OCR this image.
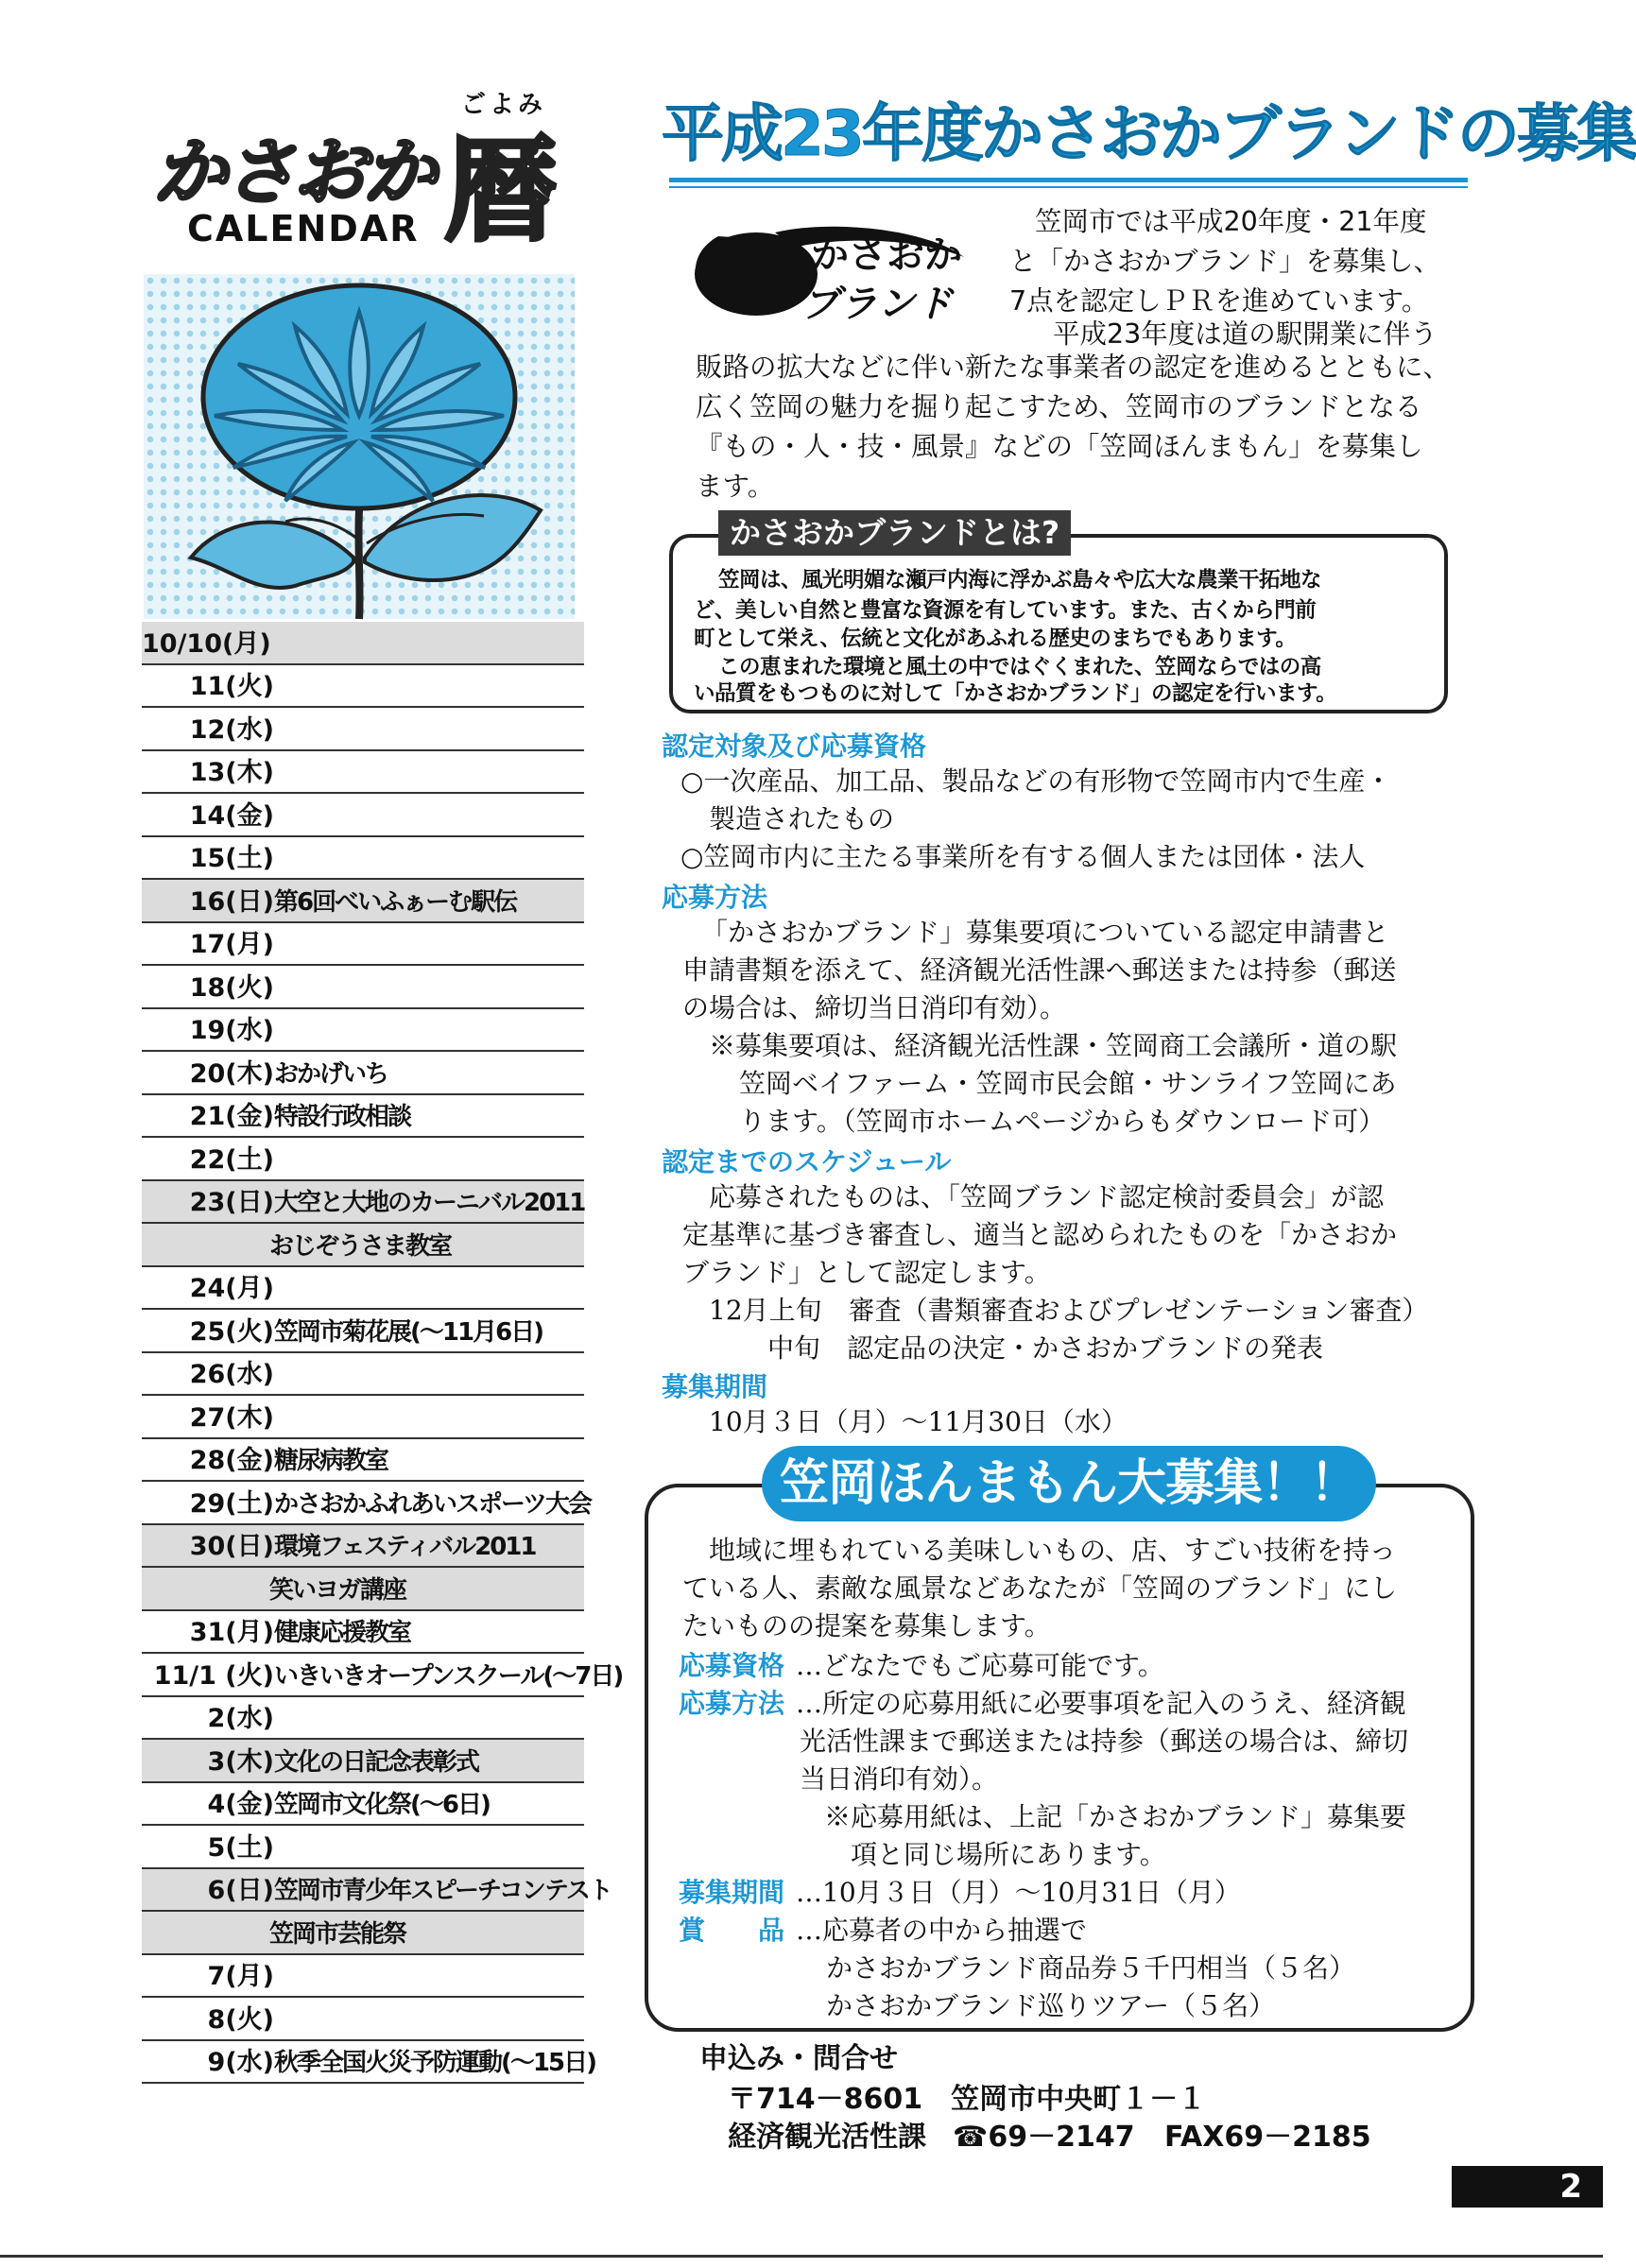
ごよみ
かさおか 暦
CALENDAR
10/10(月)
11(火)
12(水)
13(木)
14(金)
15(土)
16(日) 第6回べいふぁーむ駅伝
17(月)
18(火)
19(水)
20(木) おかげいち
21(金) 特設行政相談
22(土)
23(日) 大空と大地のカーニバル2011
おじぞうさま教室
24(月)
25(火) 笠岡市菊花展(～11月6日)
26(水)
27(木)
28(金) 糖尿病教室
29(土) かさおかふれあいスポーツ大会
30(日) 環境フェスティバル2011
笑いヨガ講座
31(月) 健康応援教室
11/1 (火) いきいきオープンスクール(～7日)
2(水)
3(木) 文化の日記念表彰式
4(金) 笠岡市文化祭(～6日)
5(土)
6(日) 笠岡市青少年スピーチコンテスト
笠岡市芸能祭
7(月)
8(火)
9(水) 秋季全国火災予防運動(～15日)
平成23年度かさおかブランドの募集
かさおか
ブランド
笠岡市では平成20年度・21年度
と「かさおかブランド」を募集し、
7点を認定しＰＲを進めています。
平成23年度は道の駅開業に伴う
販路の拡大などに伴い新たな事業者の認定を進めるとともに、
広く笠岡の魅力を掘り起こすため、笠岡市のブランドとなる
『もの・人・技・風景』などの「笠岡ほんまもん」を募集し
ます。
かさおかブランドとは?
笠岡は、風光明媚な瀬戸内海に浮かぶ島々や広大な農業干拓地な
ど、美しい自然と豊富な資源を有しています。また、古くから門前
町として栄え、伝統と文化があふれる歴史のまちでもあります。
この恵まれた環境と風土の中ではぐくまれた、笠岡ならではの高
い品質をもつものに対して「かさおかブランド」の認定を行います。
認定対象及び応募資格
○一次産品、加工品、製品などの有形物で笠岡市内で生産・
製造されたもの
○笠岡市内に主たる事業所を有する個人または団体・法人
応募方法
「かさおかブランド」募集要項についている認定申請書と
申請書類を添えて、経済観光活性課へ郵送または持参（郵送
の場合は、締切当日消印有効）。
※募集要項は、経済観光活性課・笠岡商工会議所・道の駅
笠岡ベイファーム・笠岡市民会館・サンライフ笠岡にあ
ります。（笠岡市ホームページからもダウンロード可）
認定までのスケジュール
応募されたものは、「笠岡ブランド認定検討委員会」が認
定基準に基づき審査し、適当と認められたものを「かさおか
ブランド」として認定します。
12月上旬　審査（書類審査およびプレゼンテーション審査）
中旬　認定品の決定・かさおかブランドの発表
募集期間
10月３日（月）～11月30日（水）
笠岡ほんまもん大募集！！
地域に埋もれている美味しいもの、店、すごい技術を持っ
ている人、素敵な風景などあなたが「笠岡のブランド」にし
たいものの提案を募集します。
応募資格 …どなたでもご応募可能です。
応募方法 …所定の応募用紙に必要事項を記入のうえ、経済観
光活性課まで郵送または持参（郵送の場合は、締切
当日消印有効）。
※応募用紙は、上記「かさおかブランド」募集要
項と同じ場所にあります。
募集期間 …10月３日（月）～10月31日（月）
賞　　品 …応募者の中から抽選で
かさおかブランド商品券５千円相当（５名）
かさおかブランド巡りツアー（５名）
申込み・問合せ
〒714－8601　笠岡市中央町１－１
経済観光活性課 ☎69－2147 FAX69－2185
2
